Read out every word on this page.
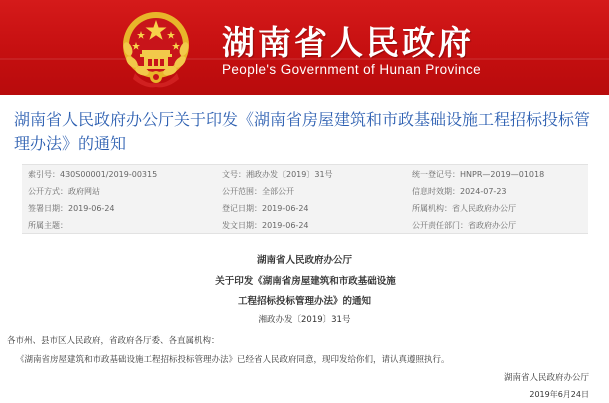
湖南省人民政府
People's Government of Hunan Province
湖南省人民政府办公厅关于印发《湖南省房屋建筑和市政基础设施工程招标投标管理办法》的通知
索引号：430S00001/2019-00315	文号：湘政办发〔2019〕31号	统一登记号：HNPR—2019—01018
公开方式：政府网站	公开范围：全部公开	信息时效期：2024-07-23
签署日期：2019-06-24	登记日期：2019-06-24	所属机构：省人民政府办公厅
所属主题：	发文日期：2019-06-24	公开责任部门：省政府办公厅
湖南省人民政府办公厅
关于印发《湖南省房屋建筑和市政基础设施
工程招标投标管理办法》的通知
湘政办发〔2019〕31号
各市州、县市区人民政府，省政府各厅委、各直属机构：
《湖南省房屋建筑和市政基础设施工程招标投标管理办法》已经省人民政府同意，现印发给你们，请认真遵照执行。
湖南省人民政府办公厅
2019年6月24日
